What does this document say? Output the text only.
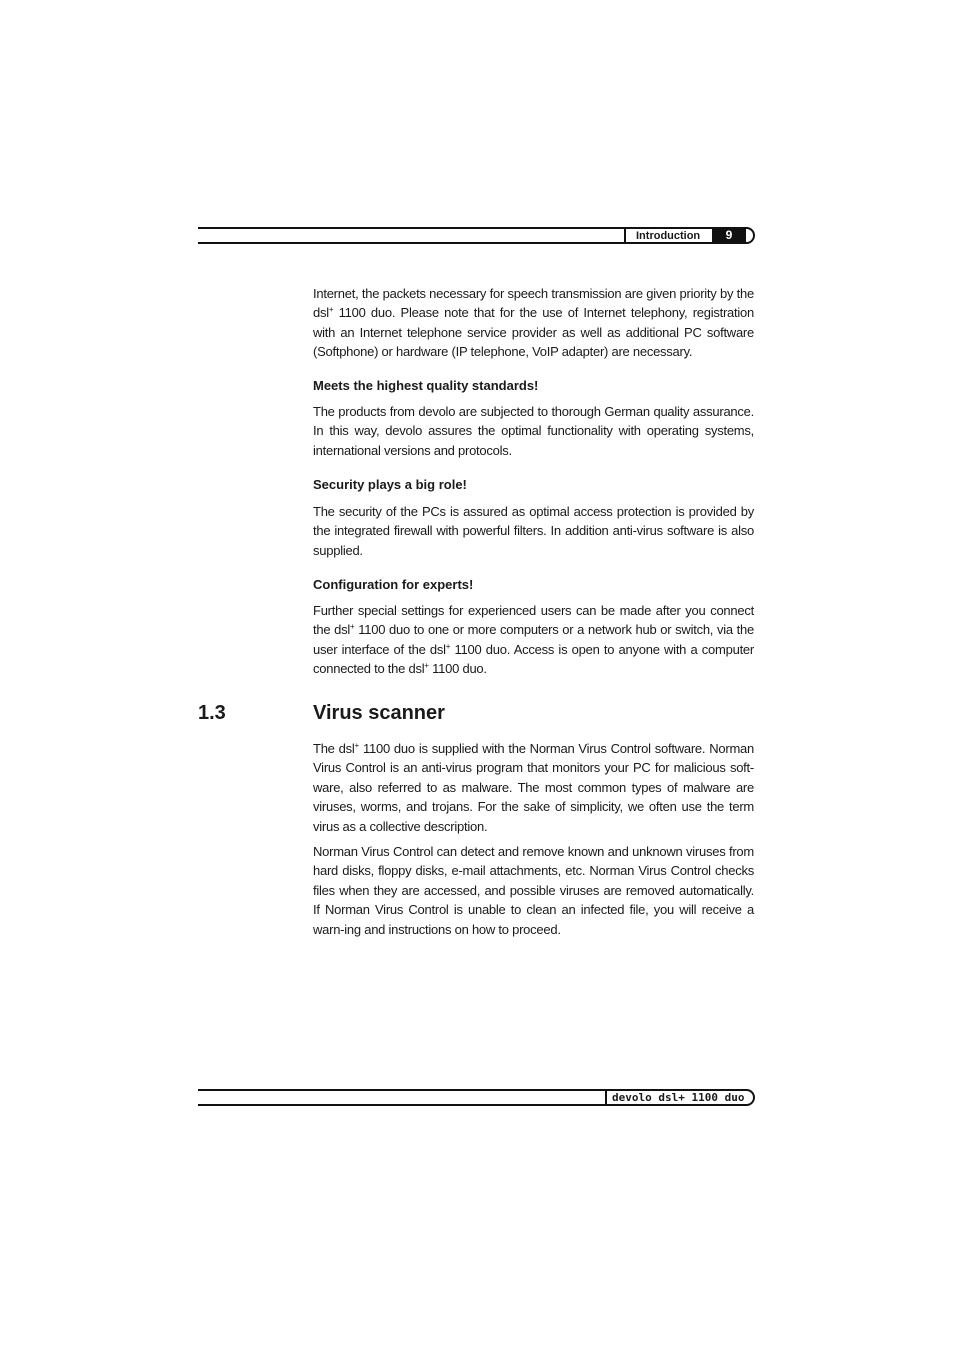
Introduction	9

Internet, the packets necessary for speech transmission are given priority by the dsl+ 1100 duo. Please note that for the use of Internet telephony, registration with an Internet telephone service provider as well as additional PC software (Softphone) or hardware (IP telephone, VoIP adapter) are necessary.

Meets the highest quality standards!

The products from devolo are subjected to thorough German quality assurance. In this way, devolo assures the optimal functionality with operating systems, international versions and protocols.

Security plays a big role!

The security of the PCs is assured as optimal access protection is provided by the integrated firewall with powerful filters. In addition anti-virus software is also supplied.

Configuration for experts!

Further special settings for experienced users can be made after you connect the dsl+ 1100 duo to one or more computers or a network hub or switch, via the user interface of the dsl+ 1100 duo. Access is open to anyone with a computer connected to the dsl+ 1100 duo.

1.3	Virus scanner

The dsl+ 1100 duo is supplied with the Norman Virus Control software. Norman Virus Control is an anti-virus program that monitors your PC for malicious soft-ware, also referred to as malware. The most common types of malware are viruses, worms, and trojans. For the sake of simplicity, we often use the term virus as a collective description.

Norman Virus Control can detect and remove known and unknown viruses from hard disks, floppy disks, e-mail attachments, etc. Norman Virus Control checks files when they are accessed, and possible viruses are removed automatically. If Norman Virus Control is unable to clean an infected file, you will receive a warn-ing and instructions on how to proceed.

devolo dsl+ 1100 duo
